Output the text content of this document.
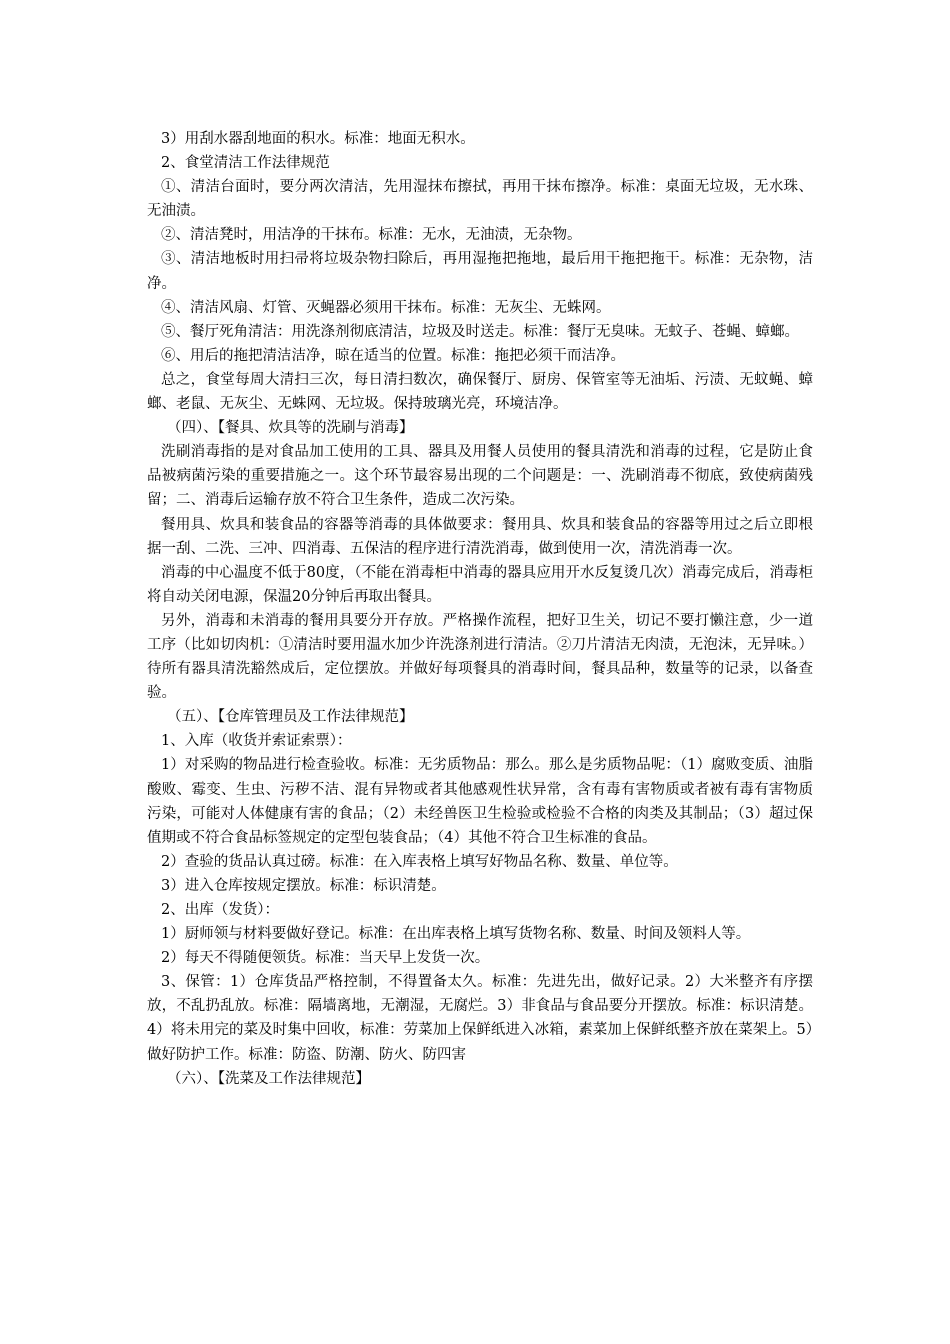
3）用刮水器刮地面的积水。标准：地面无积水。

2、食堂清洁工作法律规范

①、清洁台面时，要分两次清洁，先用湿抹布擦拭，再用干抹布擦净。标准：桌面无垃圾，无水珠、无油渍。

②、清洁凳时，用洁净的干抹布。标准：无水，无油渍，无杂物。

③、清洁地板时用扫帚将垃圾杂物扫除后，再用湿拖把拖地，最后用干拖把拖干。标准：无杂物，洁净。

④、清洁风扇、灯管、灭蝇器必须用干抹布。标准：无灰尘、无蛛网。

⑤、餐厅死角清洁：用洗涤剂彻底清洁，垃圾及时送走。标准：餐厅无臭味。无蚊子、苍蝇、蟑螂。

⑥、用后的拖把清洁洁净，晾在适当的位置。标准：拖把必须干而洁净。

总之，食堂每周大清扫三次，每日清扫数次，确保餐厅、厨房、保管室等无油垢、污渍、无蚊蝇、蟑螂、老鼠、无灰尘、无蛛网、无垃圾。保持玻璃光亮，环境洁净。

（四）、【餐具、炊具等的洗刷与消毒】

洗刷消毒指的是对食品加工使用的工具、器具及用餐人员使用的餐具清洗和消毒的过程，它是防止食品被病菌污染的重要措施之一。这个环节最容易出现的二个问题是：一、洗刷消毒不彻底，致使病菌残留；二、消毒后运输存放不符合卫生条件，造成二次污染。

餐用具、炊具和装食品的容器等消毒的具体做要求：餐用具、炊具和装食品的容器等用过之后立即根据一刮、二洗、三冲、四消毒、五保洁的程序进行清洗消毒，做到使用一次，清洗消毒一次。

消毒的中心温度不低于80度，（不能在消毒柜中消毒的器具应用开水反复烫几次）消毒完成后，消毒柜将自动关闭电源，保温20分钟后再取出餐具。

另外，消毒和未消毒的餐用具要分开存放。严格操作流程，把好卫生关，切记不要打懒注意，少一道工序（比如切肉机：①清洁时要用温水加少许洗涤剂进行清洁。②刀片清洁无肉渍，无泡沫，无异味。）待所有器具清洗豁然成后，定位摆放。并做好每项餐具的消毒时间，餐具品种，数量等的记录，以备查验。

（五）、【仓库管理员及工作法律规范】

1、入库（收货并索证索票）：

1）对采购的物品进行检查验收。标准：无劣质物品：那么。那么是劣质物品呢：（1）腐败变质、油脂酸败、霉变、生虫、污秽不洁、混有异物或者其他感观性状异常，含有毒有害物质或者被有毒有害物质污染，可能对人体健康有害的食品；（2）未经兽医卫生检验或检验不合格的肉类及其制品；（3）超过保值期或不符合食品标签规定的定型包装食品；（4）其他不符合卫生标准的食品。

2）查验的货品认真过磅。标准：在入库表格上填写好物品名称、数量、单位等。

3）进入仓库按规定摆放。标准：标识清楚。

2、出库（发货）：

1）厨师领与材料要做好登记。标准：在出库表格上填写货物名称、数量、时间及领料人等。

2）每天不得随便领货。标准：当天早上发货一次。

3、保管：1）仓库货品严格控制，不得置备太久。标准：先进先出，做好记录。2）大米整齐有序摆放，不乱扔乱放。标准：隔墙离地，无潮湿，无腐烂。3）非食品与食品要分开摆放。标准：标识清楚。4）将未用完的菜及时集中回收，标准：劳菜加上保鲜纸进入冰箱，素菜加上保鲜纸整齐放在菜架上。5）做好防护工作。标准：防盗、防潮、防火、防四害

（六）、【洗菜及工作法律规范】
